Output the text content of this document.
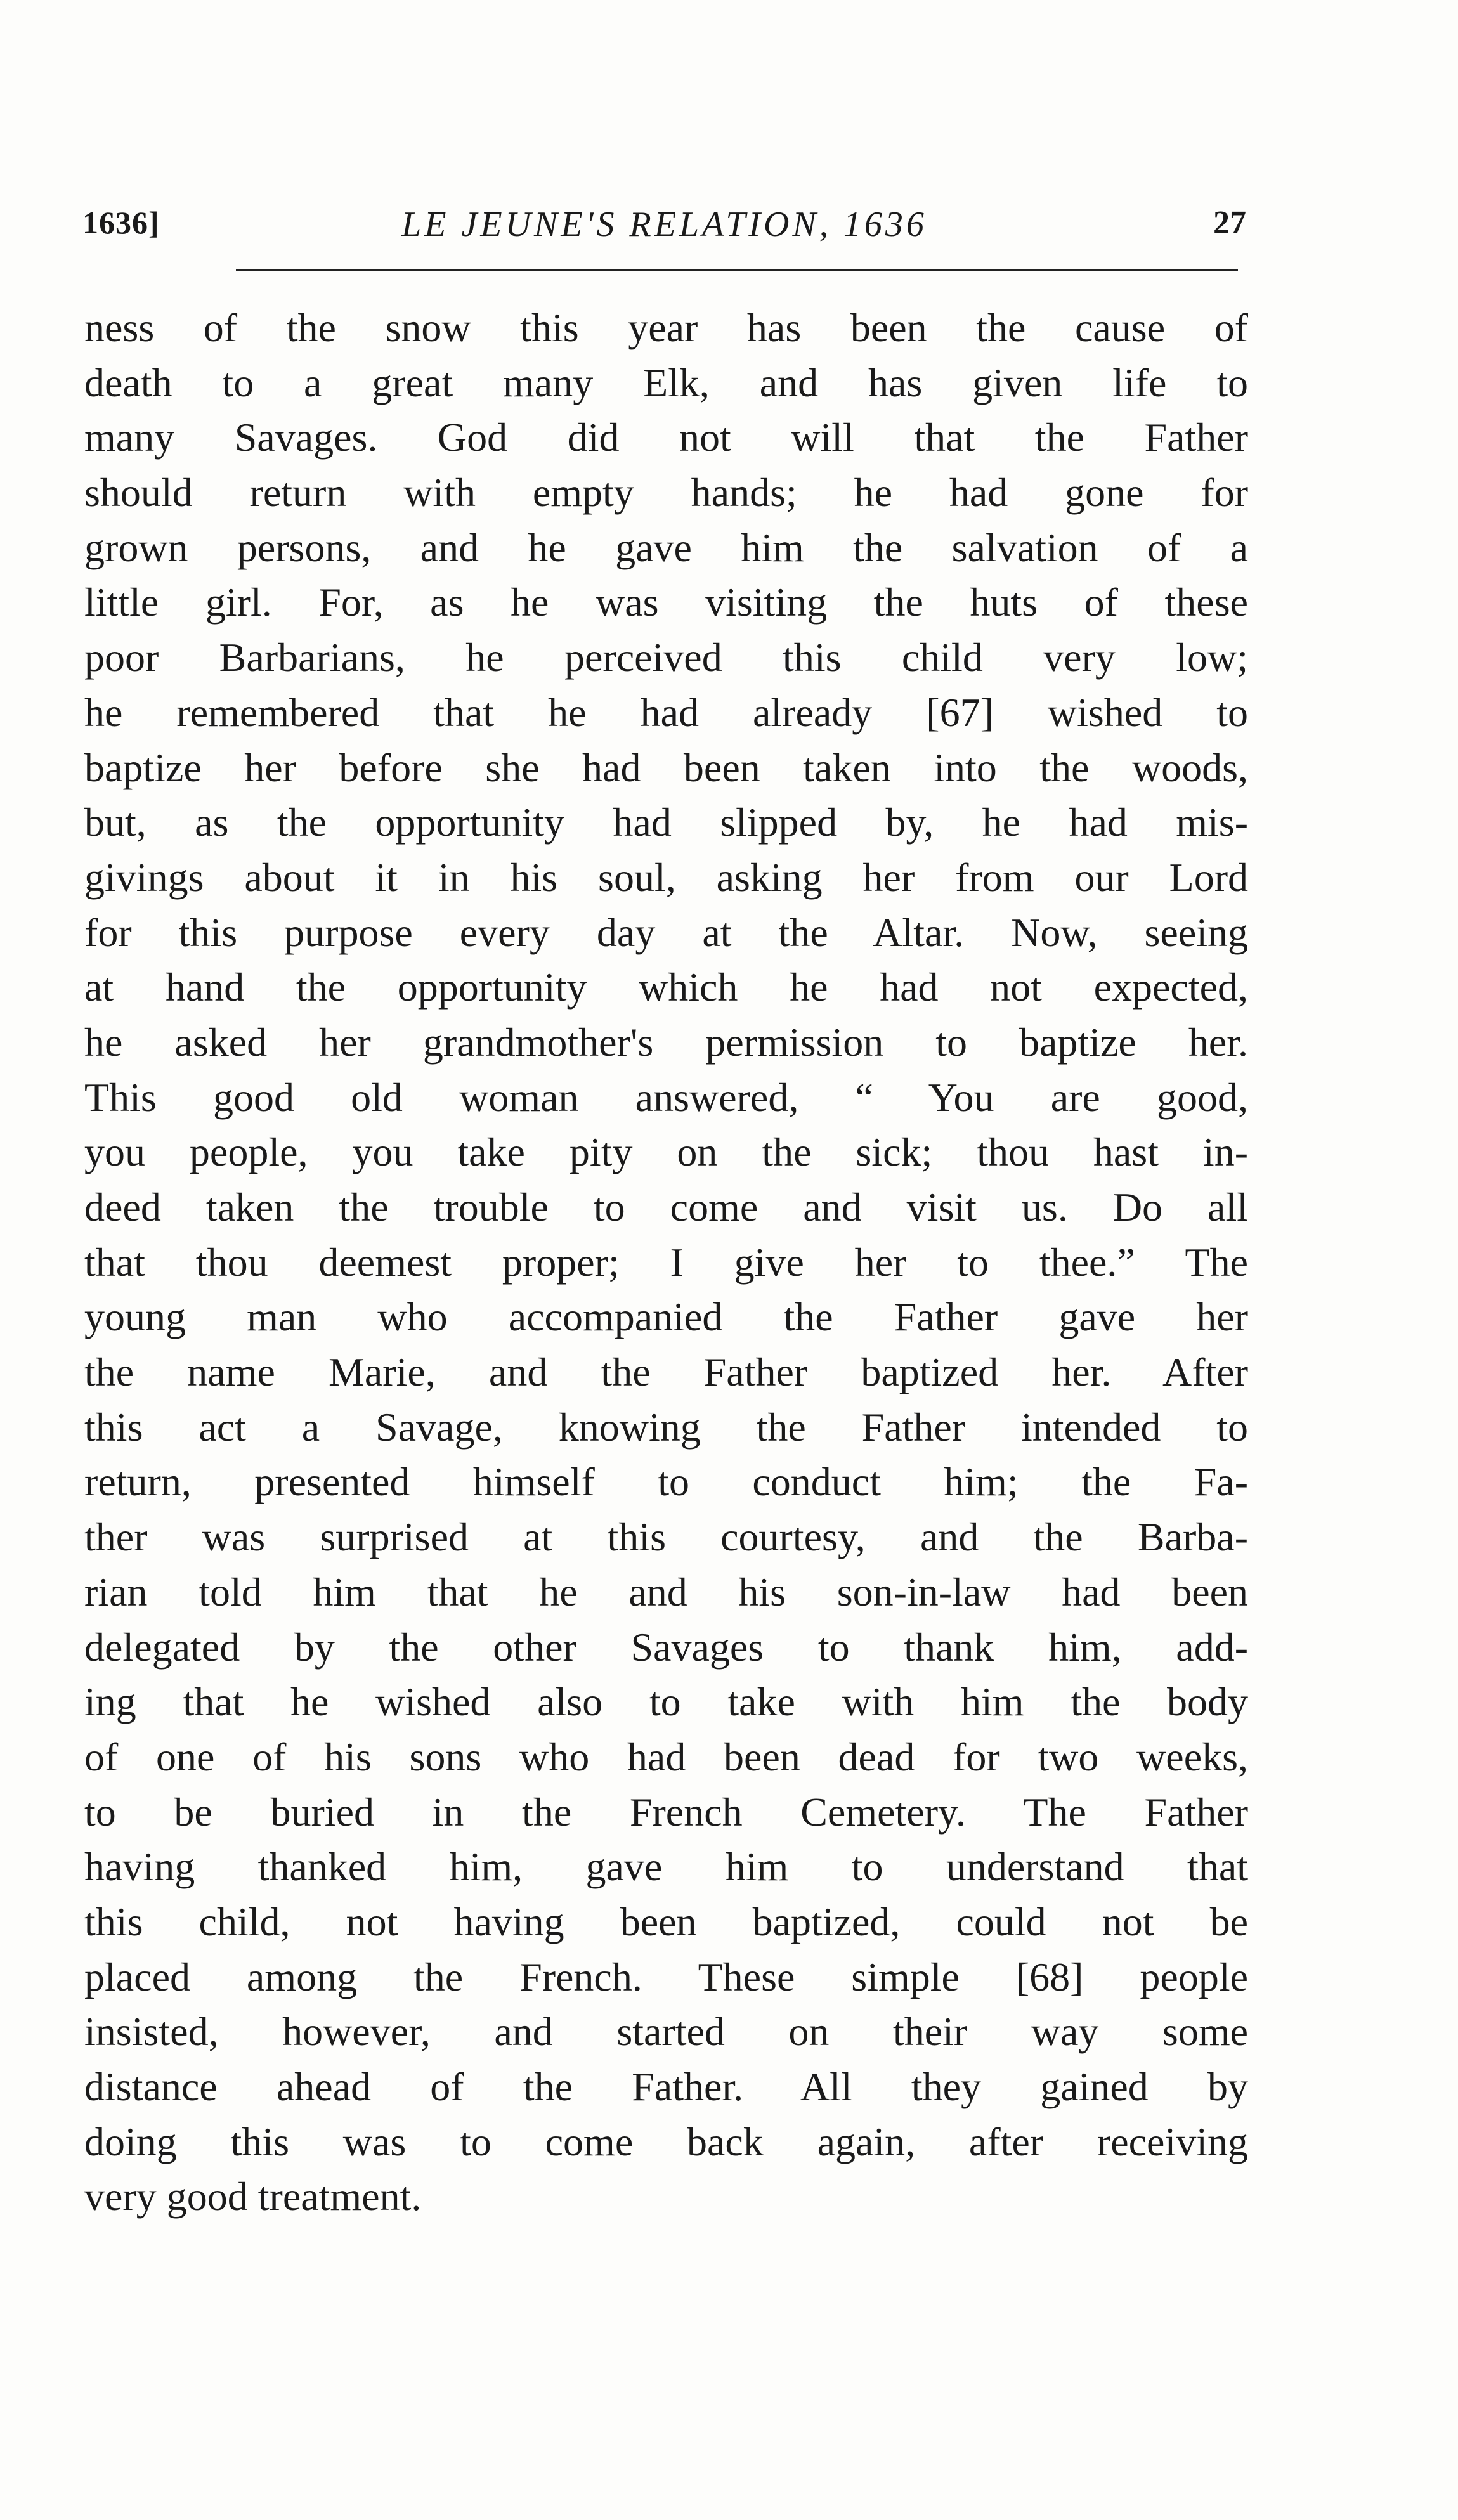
1636]	LE JEUNE'S RELATION, 1636	27
ness of the snow this year has been the cause of
death to a great many Elk, and has given life to
many Savages. God did not will that the Father
should return with empty hands; he had gone for
grown persons, and he gave him the salvation of a
little girl. For, as he was visiting the huts of these
poor Barbarians, he perceived this child very low;
he remembered that he had already [67] wished to
baptize her before she had been taken into the woods,
but, as the opportunity had slipped by, he had mis-
givings about it in his soul, asking her from our Lord
for this purpose every day at the Altar. Now, seeing
at hand the opportunity which he had not expected,
he asked her grandmother's permission to baptize her.
This good old woman answered, “ You are good,
you people, you take pity on the sick; thou hast in-
deed taken the trouble to come and visit us. Do all
that thou deemest proper; I give her to thee.” The
young man who accompanied the Father gave her
the name Marie, and the Father baptized her. After
this act a Savage, knowing the Father intended to
return, presented himself to conduct him; the Fa-
ther was surprised at this courtesy, and the Barba-
rian told him that he and his son-in-law had been
delegated by the other Savages to thank him, add-
ing that he wished also to take with him the body
of one of his sons who had been dead for two weeks,
to be buried in the French Cemetery. The Father
having thanked him, gave him to understand that
this child, not having been baptized, could not be
placed among the French. These simple [68] people
insisted, however, and started on their way some
distance ahead of the Father. All they gained by
doing this was to come back again, after receiving
very good treatment.
